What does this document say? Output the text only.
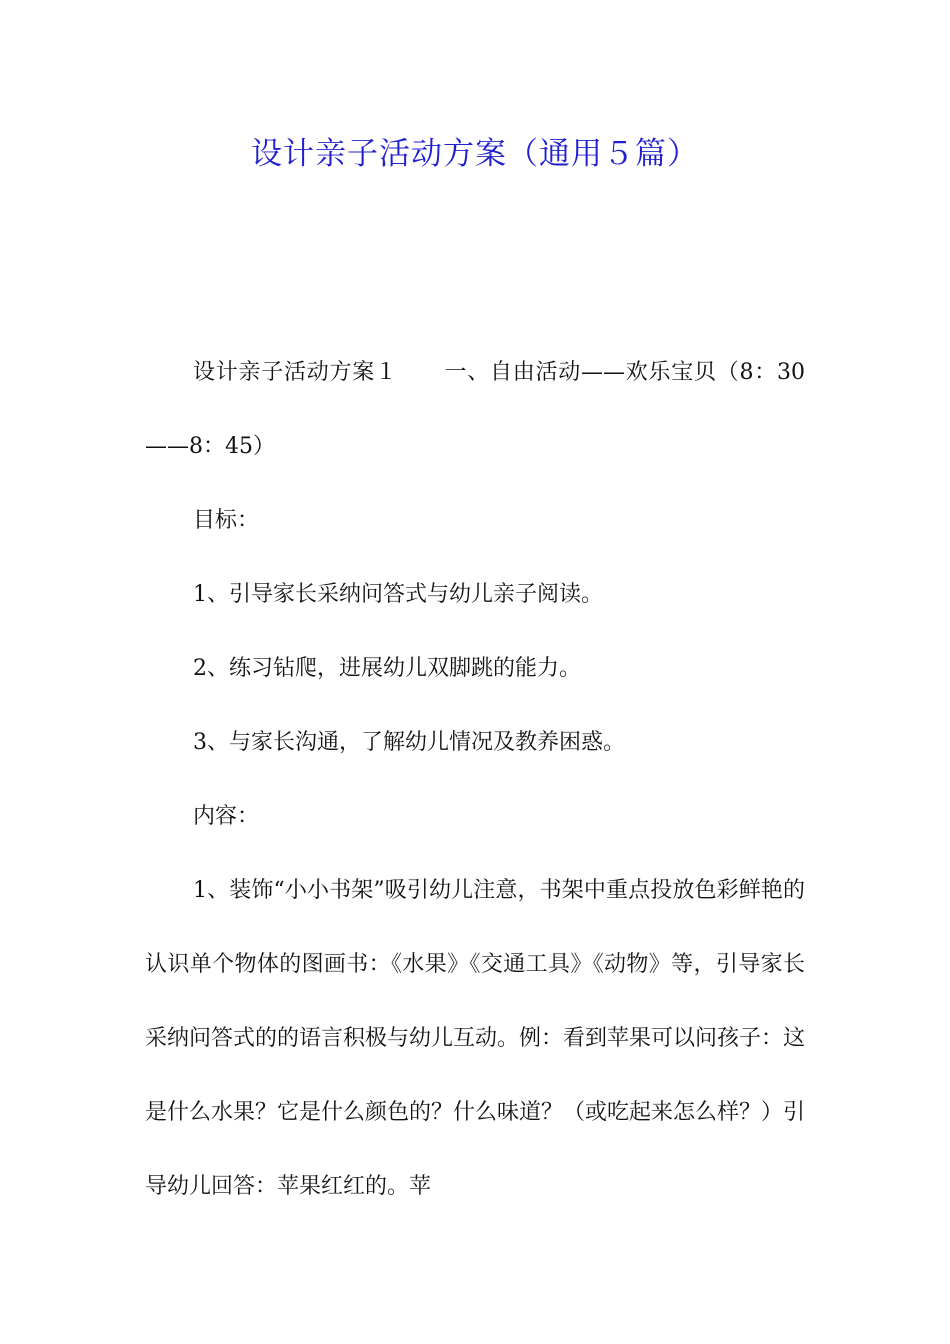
设计亲子活动方案（通用５篇）

设计亲子活动方案１ 一、自由活动——欢乐宝贝（8：30——8：45）

目标：

1、引导家长采纳问答式与幼儿亲子阅读。

2、练习钻爬，进展幼儿双脚跳的能力。

3、与家长沟通，了解幼儿情况及教养困惑。

内容：

1、装饰“小小书架”吸引幼儿注意，书架中重点投放色彩鲜艳的认识单个物体的图画书：《水果》《交通工具》《动物》等，引导家长采纳问答式的的语言积极与幼儿互动。例：看到苹果可以问孩子：这是什么水果？它是什么颜色的？什么味道？（或吃起来怎么样？）引导幼儿回答：苹果红红的。苹
